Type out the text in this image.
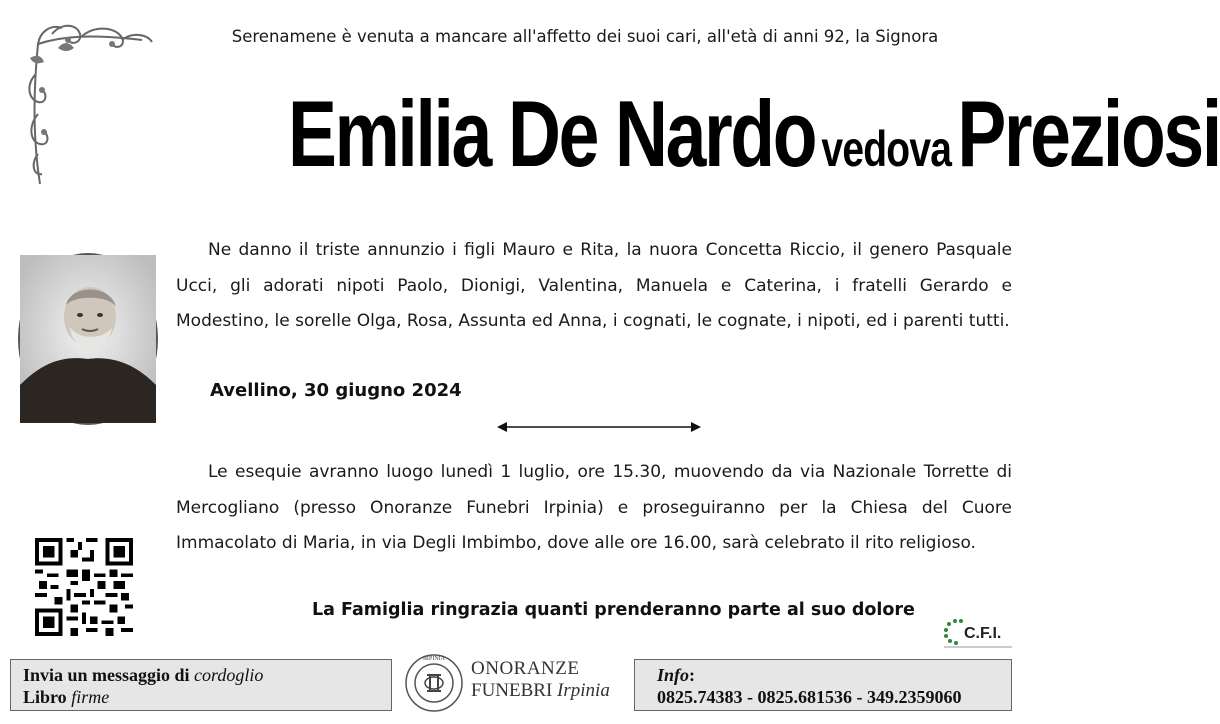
Serenamene è venuta a mancare all'affetto dei suoi cari, all'età di anni 92, la Signora
Emilia De Nardo vedovaPreziosi
Ne danno il triste annunzio i figli Mauro e Rita, la nuora Concetta Riccio, il genero Pasquale Ucci, gli adorati nipoti Paolo, Dionigi, Valentina, Manuela e Caterina, i fratelli Gerardo e Modestino, le sorelle Olga, Rosa, Assunta ed Anna, i cognati, le cognate, i nipoti, ed i parenti tutti.
Avellino, 30 giugno 2024
Le esequie avranno luogo lunedì 1 luglio, ore 15.30, muovendo da via Nazionale Torrette di Mercogliano (presso Onoranze Funebri Irpinia) e proseguiranno per la Chiesa del Cuore Immacolato di Maria, in via Degli Imbimbo, dove alle ore 16.00, sarà celebrato il rito religioso.
La Famiglia ringrazia quanti prenderanno parte al suo dolore
C.F.I.
Invia un messaggio di cordoglio
Libro firme
IRPINIA ONORANZE
FUNEBRI Irpinia
Info:
0825.74383 - 0825.681536 - 349.2359060
